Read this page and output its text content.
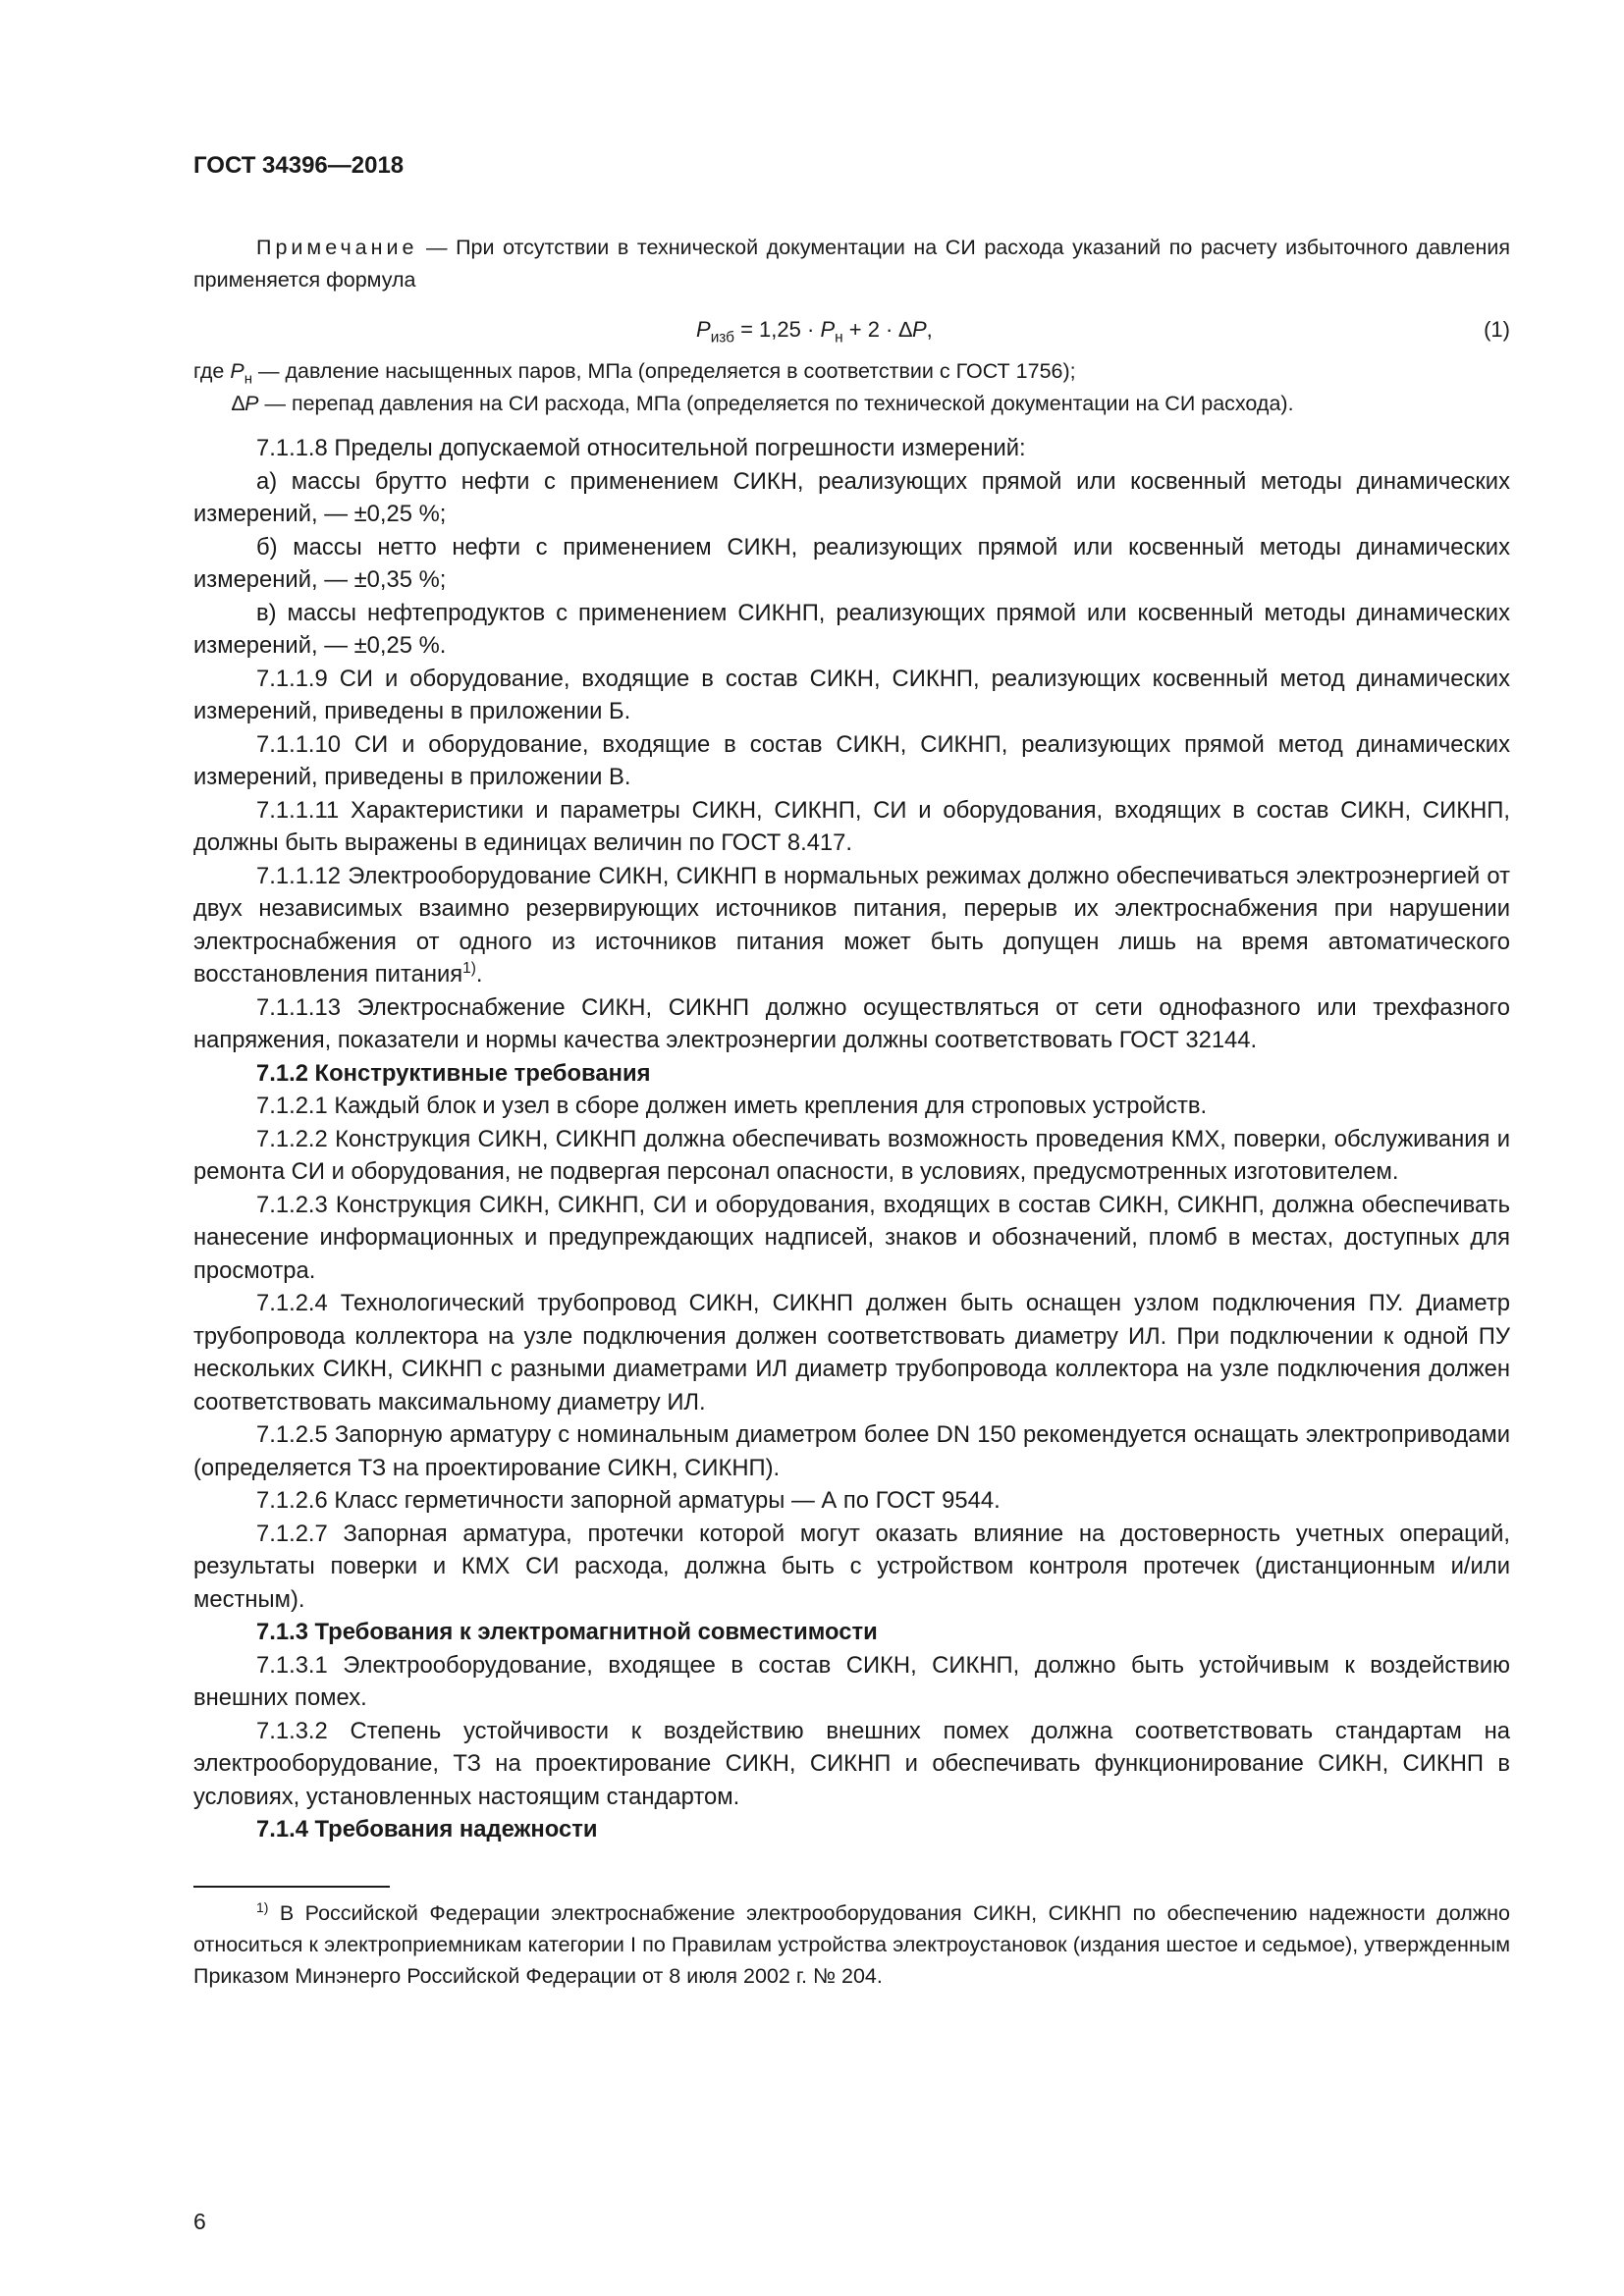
ГОСТ 34396—2018
Примечание — При отсутствии в технической документации на СИ расхода указаний по расчету избыточного давления применяется формула
$P_{изб} = 1,25 \cdot P_н + 2 \cdot \Delta P$,	(1)
где $P_н$ — давление насыщенных паров, МПа (определяется в соответствии с ГОСТ 1756);
∆P — перепад давления на СИ расхода, МПа (определяется по технической документации на СИ расхода).

7.1.1.8 Пределы допускаемой относительной погрешности измерений:

а) массы брутто нефти с применением СИКН, реализующих прямой или косвенный методы динамических измерений, — ±0,25 %;

б) массы нетто нефти с применением СИКН, реализующих прямой или косвенный методы динамических измерений, — ±0,35 %;

в) массы нефтепродуктов с применением СИКНП, реализующих прямой или косвенный методы динамических измерений, — ±0,25 %.

7.1.1.9 СИ и оборудование, входящие в состав СИКН, СИКНП, реализующих косвенный метод динамических измерений, приведены в приложении Б.

7.1.1.10 СИ и оборудование, входящие в состав СИКН, СИКНП, реализующих прямой метод динамических измерений, приведены в приложении В.

7.1.1.11 Характеристики и параметры СИКН, СИКНП, СИ и оборудования, входящих в состав СИКН, СИКНП, должны быть выражены в единицах величин по ГОСТ 8.417.

7.1.1.12 Электрооборудование СИКН, СИКНП в нормальных режимах должно обеспечиваться электроэнергией от двух независимых взаимно резервирующих источников питания, перерыв их электроснабжения при нарушении электроснабжения от одного из источников питания может быть допущен лишь на время автоматического восстановления питания$^{1)}$.

7.1.1.13 Электроснабжение СИКН, СИКНП должно осуществляться от сети однофазного или трехфазного напряжения, показатели и нормы качества электроэнергии должны соответствовать ГОСТ 32144.

7.1.2 Конструктивные требования

7.1.2.1 Каждый блок и узел в сборе должен иметь крепления для строповых устройств.

7.1.2.2 Конструкция СИКН, СИКНП должна обеспечивать возможность проведения КМХ, поверки, обслуживания и ремонта СИ и оборудования, не подвергая персонал опасности, в условиях, предусмотренных изготовителем.

7.1.2.3 Конструкция СИКН, СИКНП, СИ и оборудования, входящих в состав СИКН, СИКНП, должна обеспечивать нанесение информационных и предупреждающих надписей, знаков и обозначений, пломб в местах, доступных для просмотра.

7.1.2.4 Технологический трубопровод СИКН, СИКНП должен быть оснащен узлом подключения ПУ. Диаметр трубопровода коллектора на узле подключения должен соответствовать диаметру ИЛ. При подключении к одной ПУ нескольких СИКН, СИКНП с разными диаметрами ИЛ диаметр трубопровода коллектора на узле подключения должен соответствовать максимальному диаметру ИЛ.

7.1.2.5 Запорную арматуру с номинальным диаметром более DN 150 рекомендуется оснащать электроприводами (определяется ТЗ на проектирование СИКН, СИКНП).

7.1.2.6 Класс герметичности запорной арматуры — А по ГОСТ 9544.

7.1.2.7 Запорная арматура, протечки которой могут оказать влияние на достоверность учетных операций, результаты поверки и КМХ СИ расхода, должна быть с устройством контроля протечек (дистанционным и/или местным).

7.1.3 Требования к электромагнитной совместимости

7.1.3.1 Электрооборудование, входящее в состав СИКН, СИКНП, должно быть устойчивым к воздействию внешних помех.

7.1.3.2 Степень устойчивости к воздействию внешних помех должна соответствовать стандартам на электрооборудование, ТЗ на проектирование СИКН, СИКНП и обеспечивать функционирование СИКН, СИКНП в условиях, установленных настоящим стандартом.

7.1.4 Требования надежности

$^{1)}$ В Российской Федерации электроснабжение электрооборудования СИКН, СИКНП по обеспечению надежности должно относиться к электроприемникам категории I по Правилам устройства электроустановок (издания шестое и седьмое), утвержденным Приказом Минэнерго Российской Федерации от 8 июля 2002 г. № 204.

6
